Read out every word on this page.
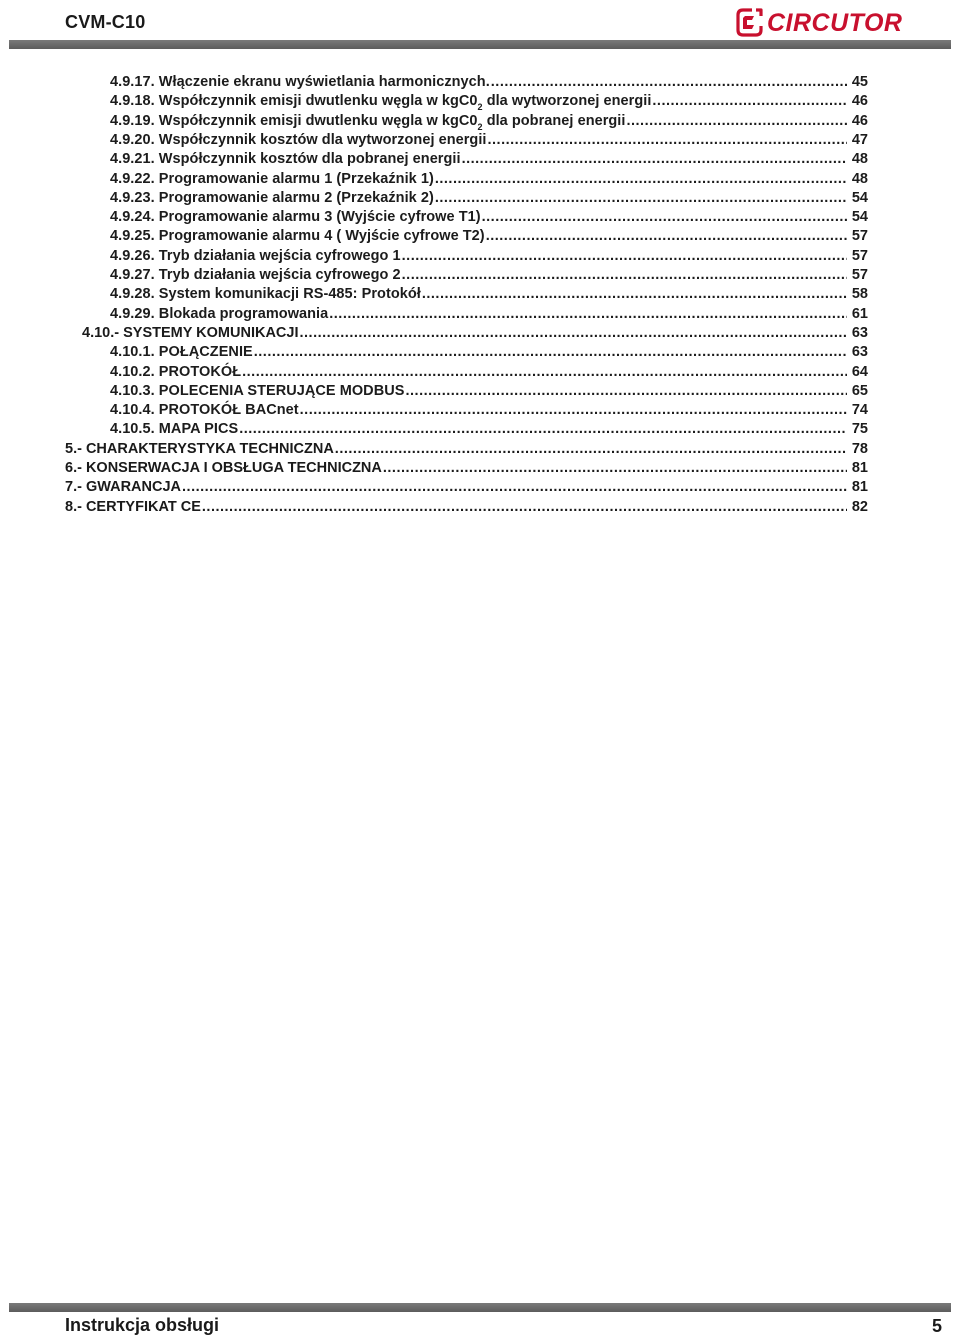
CVM-C10	CIRCUTOR
4.9.17. Włączenie ekranu wyświetlania harmonicznych. .....	45
4.9.18. Współczynnik emisji dwutlenku węgla w $kgC0_2$ dla wytworzonej energii .....	46
4.9.19. Współczynnik emisji dwutlenku węgla w $kgC0_2$ dla pobranej energii .....	46
4.9.20. Współczynnik kosztów dla wytworzonej energii .....	47
4.9.21. Współczynnik kosztów dla pobranej energii .....	48
4.9.22. Programowanie alarmu 1 (Przekaźnik 1) .....	48
4.9.23. Programowanie alarmu 2 (Przekaźnik 2) .....	54
4.9.24. Programowanie alarmu 3 (Wyjście cyfrowe T1) .....	54
4.9.25. Programowanie alarmu 4 ( Wyjście cyfrowe T2) .....	57
4.9.26. Tryb działania wejścia cyfrowego 1 .....	57
4.9.27. Tryb działania wejścia cyfrowego 2 .....	57
4.9.28. System komunikacji RS-485: Protokół .....	58
4.9.29. Blokada programowania .....	61
4.10.- SYSTEMY KOMUNIKACJI .....	63
4.10.1. POŁĄCZENIE .....	63
4.10.2. PROTOKÓŁ .....	64
4.10.3. POLECENIA STERUJĄCE MODBUS .....	65
4.10.4. PROTOKÓŁ BACnet .....	74
4.10.5. MAPA PICS .....	75
5.- CHARAKTERYSTYKA TECHNICZNA .....	78
6.- KONSERWACJA I OBSŁUGA TECHNICZNA .....	81
7.- GWARANCJA .....	81
8.- CERTYFIKAT CE .....	82
Instrukcja obsługi	5
